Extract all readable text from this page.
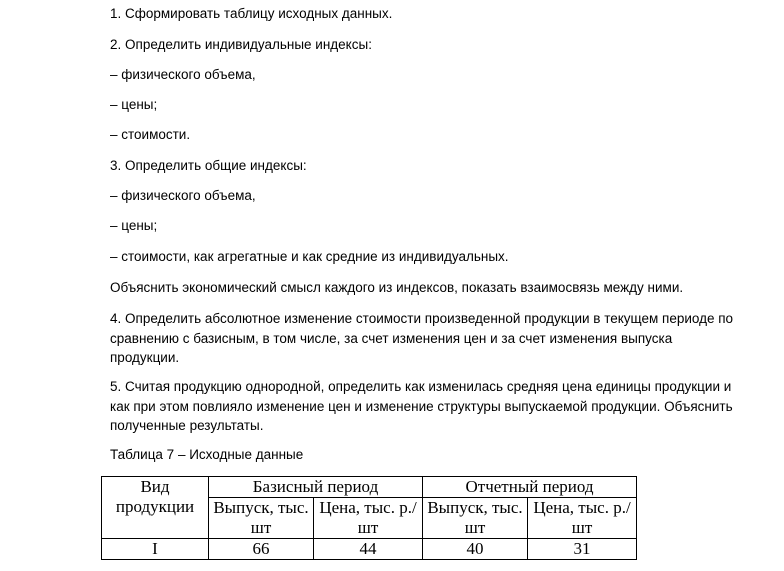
1. Сформировать таблицу исходных данных.
2. Определить индивидуальные индексы:
– физического объема,
– цены;
– стоимости.
3. Определить общие индексы:
– физического объема,
– цены;
– стоимости, как агрегатные и как средние из индивидуальных.
Объяснить экономический смысл каждого из индексов, показать взаимосвязь между ними.
4. Определить абсолютное изменение стоимости произведенной продукции в текущем периоде по сравнению с базисным, в том числе, за счет изменения цен и за счет изменения выпуска продукции.
5. Считая продукцию однородной, определить как изменилась средняя цена единицы продукции и как при этом повлияло изменение цен и изменение структуры выпускаемой продукции. Объяснить полученные результаты.
Таблица 7 – Исходные данные
Вид продукции	Базисный период		Отчетный период	
	Выпуск, тыс. шт	Цена, тыс. р./шт	Выпуск, тыс. шт	Цена, тыс. р./шт
I	66	44	40	31
